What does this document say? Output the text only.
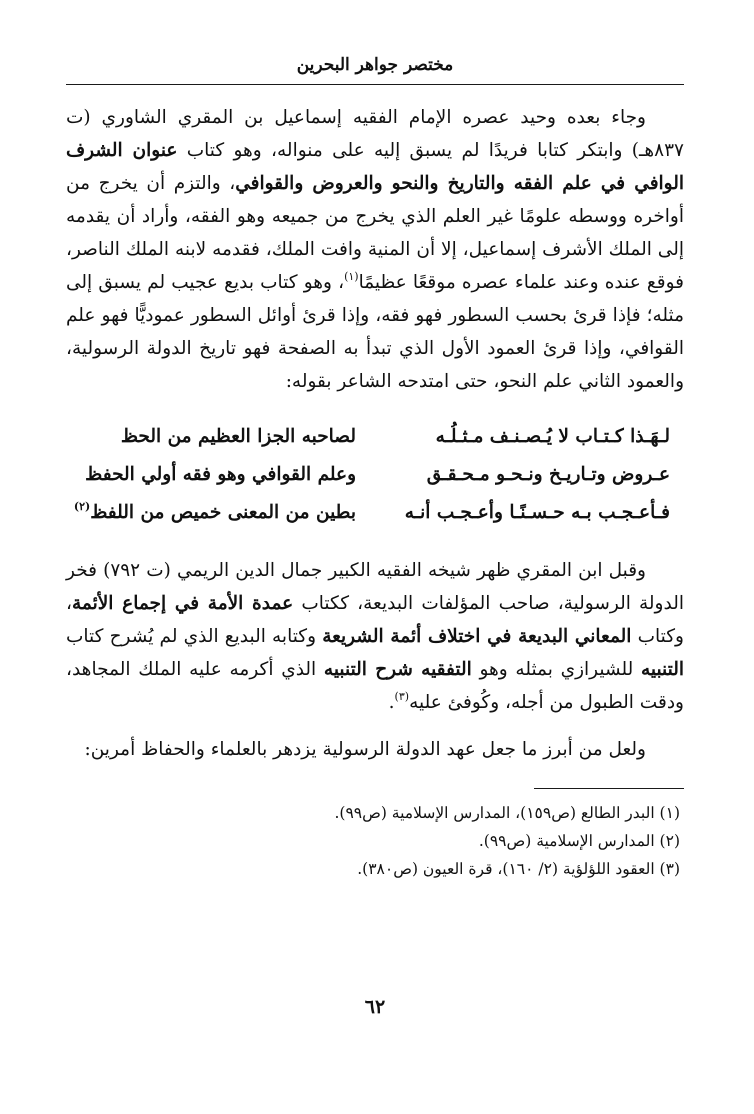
مختصر جواهر البحرين

وجاء بعده وحيد عصره الإمام الفقيه إسماعيل بن المقري الشاوري (ت ٨٣٧هـ) وابتكر كتابا فريدًا لم يسبق إليه على منواله، وهو كتاب عنوان الشرف الوافي في علم الفقه والتاريخ والنحو والعروض والقوافي، والتزم أن يخرج من أواخره ووسطه علومًا غير العلم الذي يخرج من جميعه وهو الفقه، وأراد أن يقدمه إلى الملك الأشرف إسماعيل، إلا أن المنية وافت الملك، فقدمه لابنه الملك الناصر، فوقع عنده وعند علماء عصره موقعًا عظيمًا$^{(١)}$، وهو كتاب بديع عجيب لم يسبق إلى مثله؛ فإذا قرئ بحسب السطور فهو فقه، وإذا قرئ أوائل السطور عموديًّا فهو علم القوافي، وإذا قرئ العمود الأول الذي تبدأ به الصفحة فهو تاريخ الدولة الرسولية، والعمود الثاني علم النحو، حتى امتدحه الشاعر بقوله:

لـهَـذا كـتـاب لا يُـصـنـف مـثـلُـه
لصاحبه الجزا العظيم من الحظ
عـروض وتـاريـخ ونـحـو مـحـقـق
وعلم القوافي وهو فقه أولي الحفظ
فـأعـجـب بـه حـسـنًـا وأعـجـب أنـه
بطين من المعنى خميص من اللفظ$^{(٢)}$

وقبل ابن المقري ظهر شيخه الفقيه الكبير جمال الدين الريمي (ت ٧٩٢) فخر الدولة الرسولية، صاحب المؤلفات البديعة، ككتاب عمدة الأمة في إجماع الأئمة، وكتاب المعاني البديعة في اختلاف أئمة الشريعة وكتابه البديع الذي لم يُشرح كتاب التنبيه للشيرازي بمثله وهو التفقيه شرح التنبيه الذي أكرمه عليه الملك المجاهد، ودقت الطبول من أجله، وكُوفئ عليه$^{(٣)}$.

ولعل من أبرز ما جعل عهد الدولة الرسولية يزدهر بالعلماء والحفاظ أمرين:

(١) البدر الطالع (ص١٥٩)، المدارس الإسلامية (ص٩٩).

(٢) المدارس الإسلامية (ص٩٩).

(٣) العقود اللؤلؤية (٢/ ١٦٠)، قرة العيون (ص٣٨٠).

٦٢
